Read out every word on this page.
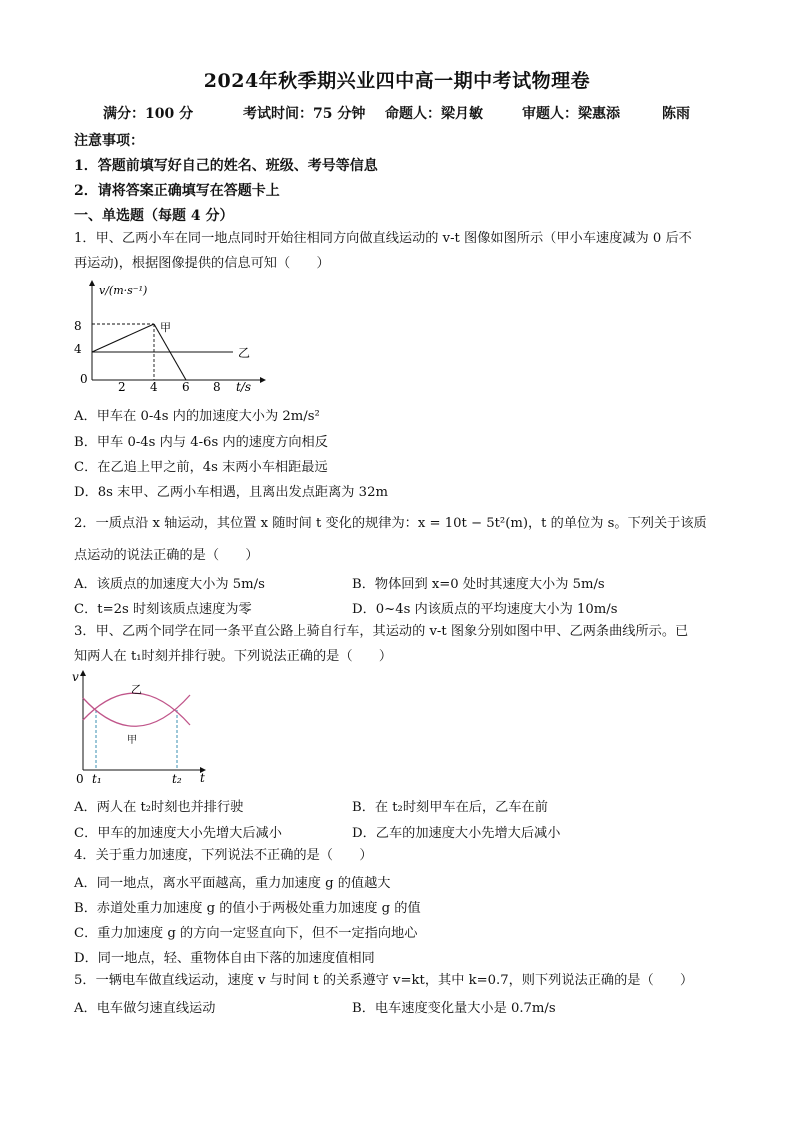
2024年秋季期兴业四中高一期中考试物理卷
满分：100 分	考试时间：75 分钟 命题人：梁月敏	审题人：梁惠添	陈雨
注意事项：
1．答题前填写好自己的姓名、班级、考号等信息
2．请将答案正确填写在答题卡上
一、单选题（每题 4 分）
1．甲、乙两小车在同一地点同时开始往相同方向做直线运动的 v-t 图像如图所示（甲小车速度减为 0 后不
再运动)，根据图像提供的信息可知（　　）
v/(m·s⁻¹)
8
4
0
2 4 6 8 t/s
甲
乙
A．甲车在 0-4s 内的加速度大小为 2m/s²
B．甲车 0-4s 内与 4-6s 内的速度方向相反
C．在乙追上甲之前，4s 末两小车相距最远
D．8s 末甲、乙两小车相遇，且离出发点距离为 32m
2．一质点沿 x 轴运动，其位置 x 随时间 t 变化的规律为：x = 10t − 5t²(m)，t 的单位为 s。下列关于该质
点运动的说法正确的是（　　）
A．该质点的加速度大小为 5m/s	B．物体回到 x=0 处时其速度大小为 5m/s
C．t=2s 时刻该质点速度为零	D．0~4s 内该质点的平均速度大小为 10m/s
3．甲、乙两个同学在同一条平直公路上骑自行车，其运动的 v-t 图象分别如图中甲、乙两条曲线所示。已
知两人在 t₁时刻并排行驶。下列说法正确的是（　　）
v
0 t₁	t₂ t
乙
甲
A．两人在 t₂时刻也并排行驶	B．在 t₂时刻甲车在后，乙车在前
C．甲车的加速度大小先增大后减小	D．乙车的加速度大小先增大后减小
4．关于重力加速度，下列说法不正确的是（　　）
A．同一地点，离水平面越高，重力加速度 g 的值越大
B．赤道处重力加速度 g 的值小于两极处重力加速度 g 的值
C．重力加速度 g 的方向一定竖直向下，但不一定指向地心
D．同一地点，轻、重物体自由下落的加速度值相同
5．一辆电车做直线运动，速度 v 与时间 t 的关系遵守 v=kt，其中 k=0.7，则下列说法正确的是（　　）
A．电车做匀速直线运动	B．电车速度变化量大小是 0.7m/s
